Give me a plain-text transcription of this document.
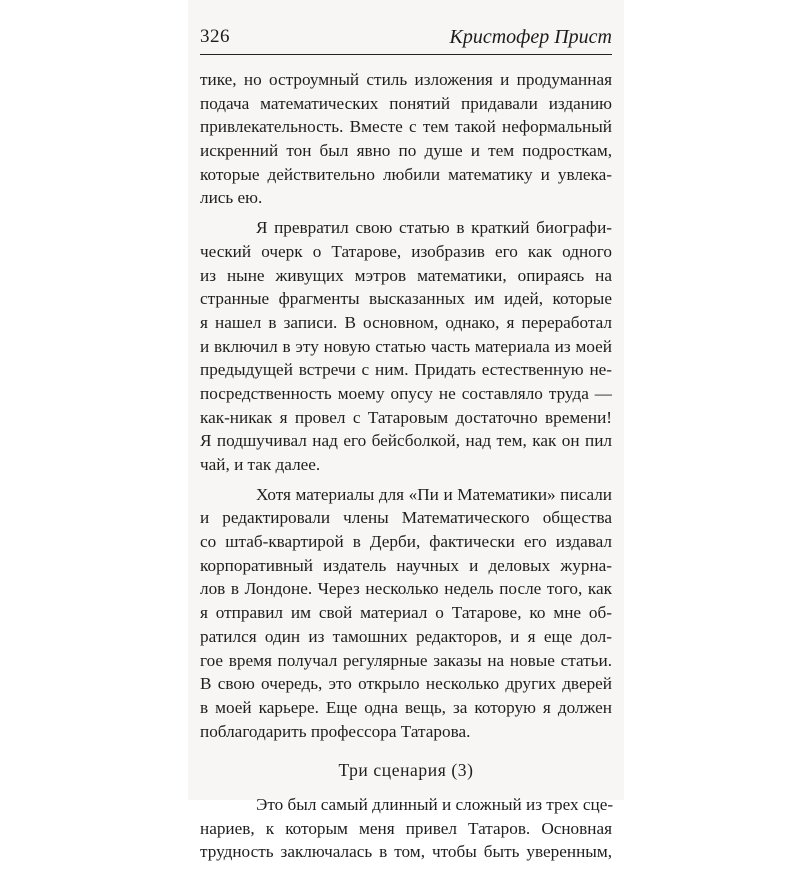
326	Кристофер Прист
тике, но остроумный стиль изложения и продуманная
подача математических понятий придавали изданию
привлекательность. Вместе с тем такой неформальный
искренний тон был явно по душе и тем подросткам,
которые действительно любили математику и увлека-
лись ею.
Я превратил свою статью в краткий биографи-
ческий очерк о Татарове, изобразив его как одного
из ныне живущих мэтров математики, опираясь на
странные фрагменты высказанных им идей, которые
я нашел в записи. В основном, однако, я переработал
и включил в эту новую статью часть материала из моей
предыдущей встречи с ним. Придать естественную не-
посредственность моему опусу не составляло труда —
как-никак я провел с Татаровым достаточно времени!
Я подшучивал над его бейсболкой, над тем, как он пил
чай, и так далее.
Хотя материалы для «Пи и Математики» писали
и редактировали члены Математического общества
со штаб-квартирой в Дерби, фактически его издавал
корпоративный издатель научных и деловых журна-
лов в Лондоне. Через несколько недель после того, как
я отправил им свой материал о Татарове, ко мне об-
ратился один из тамошних редакторов, и я еще дол-
гое время получал регулярные заказы на новые статьи.
В свою очередь, это открыло несколько других дверей
в моей карьере. Еще одна вещь, за которую я должен
поблагодарить профессора Татарова.
Три сценария (3)
Это был самый длинный и сложный из трех сце-
нариев, к которым меня привел Татаров. Основная
трудность заключалась в том, чтобы быть уверенным,
